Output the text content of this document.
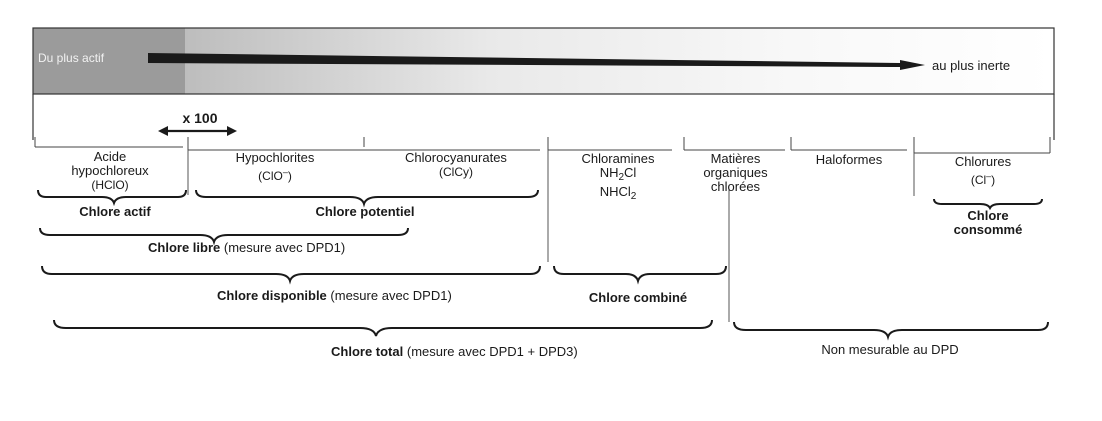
Du plus actif	au plus inerte
x 100
Acide
hypochloreux
(HClO)
Hypochlorites
(ClO–)
Chlorocyanurates
(ClCy)
Chloramines
$NH_2Cl$
NHCl$_2$
Matières
organiques
chlorées
Haloformes	Chlorures
(Cl–)
Chlore actif	Chlore potentiel
Chlore libre (mesure avec DPD1)
Chlore disponible (mesure avec DPD1)	Chlore combiné
Chlore
consommé
Chlore total (mesure avec DPD1 + DPD3)	Non mesurable au DPD
